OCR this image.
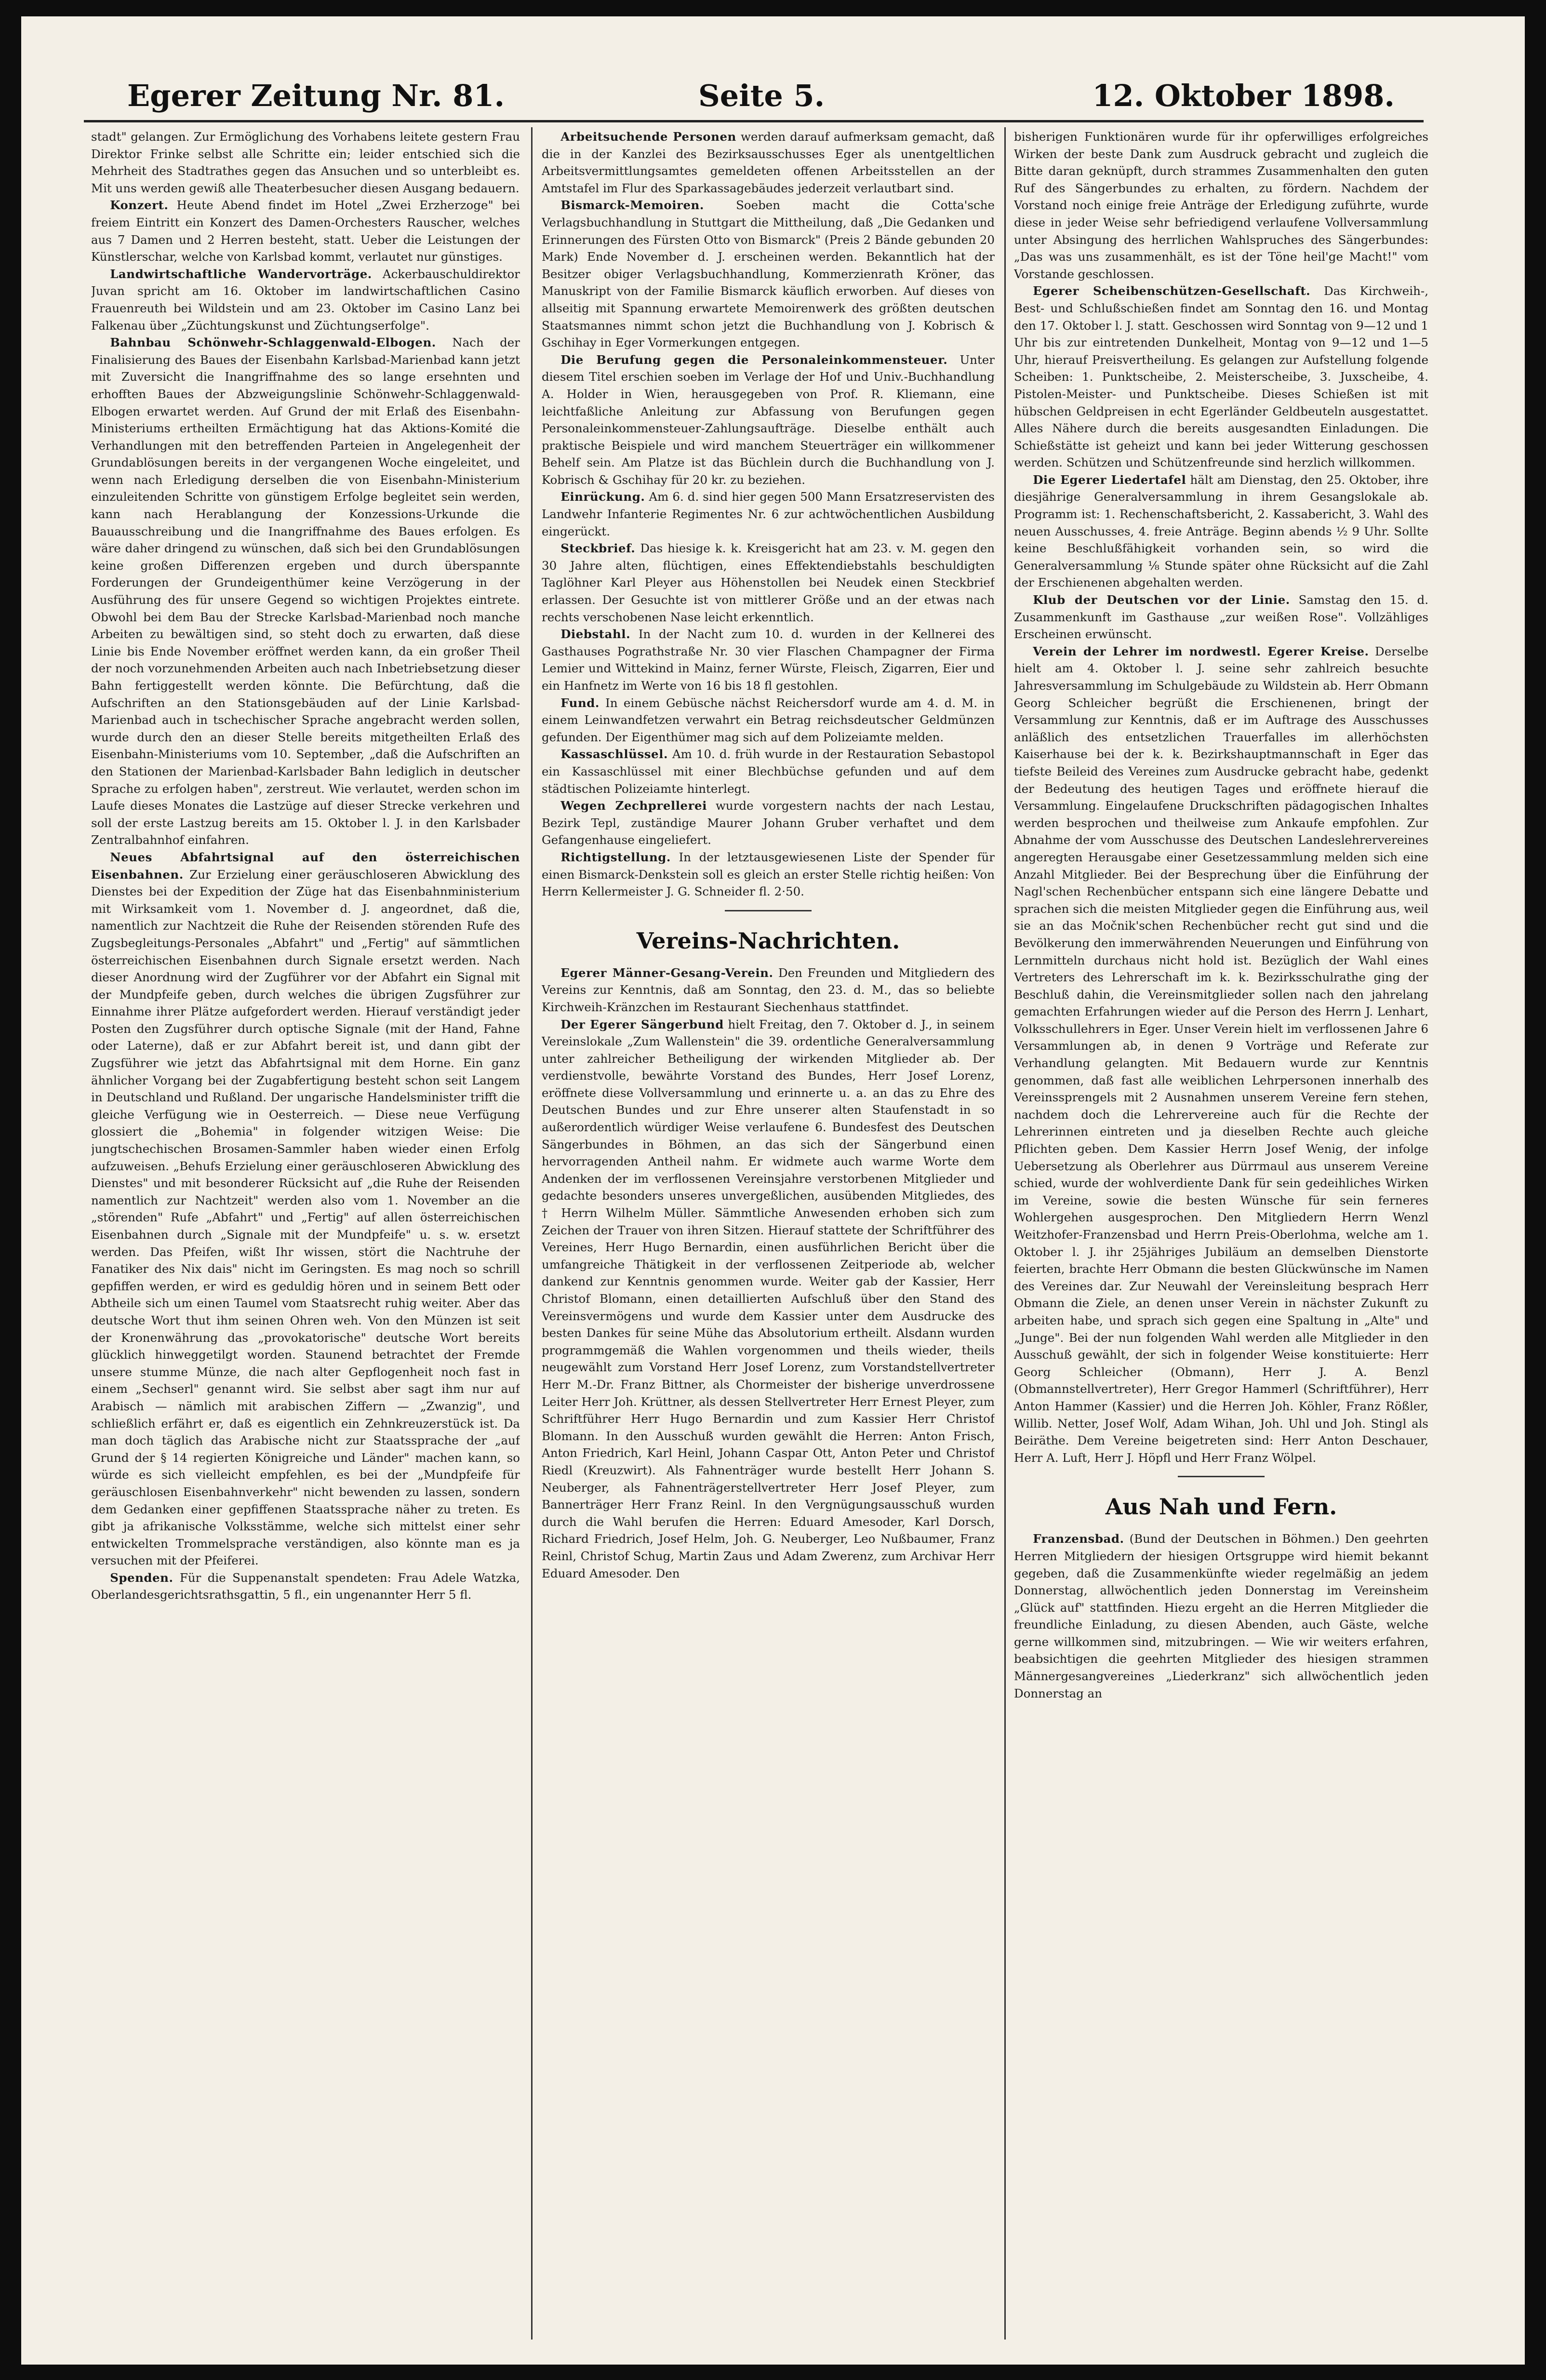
Egerer Zeitung Nr. 81.	Seite 5.	12. Oktober 1898.

stadt" gelangen. Zur Ermöglichung des Vorhabens leitete gestern Frau Direktor Frinke selbst alle Schritte ein; leider entschied sich die Mehrheit des Stadtrathes gegen das Ansuchen und so unterbleibt es. Mit uns werden gewiß alle Theaterbesucher diesen Ausgang bedauern.

Konzert. Heute Abend findet im Hotel „Zwei Erzherzoge" bei freiem Eintritt ein Konzert des Damen-Orchesters Rauscher, welches aus 7 Damen und 2 Herren besteht, statt. Ueber die Leistungen der Künstlerschar, welche von Karlsbad kommt, verlautet nur günstiges.

Landwirtschaftliche Wandervorträge. Ackerbauschuldirektor Juvan spricht am 16. Oktober im landwirtschaftlichen Casino Frauenreuth bei Wildstein und am 23. Oktober im Casino Lanz bei Falkenau über „Züchtungskunst und Züchtungserfolge".

Bahnbau Schönwehr-Schlaggenwald-Elbogen. Nach der Finalisierung des Baues der Eisenbahn Karlsbad-Marienbad kann jetzt mit Zuversicht die Inangriffnahme des so lange ersehnten und erhofften Baues der Abzweigungslinie Schönwehr-Schlaggenwald-Elbogen erwartet werden. Auf Grund der mit Erlaß des Eisenbahn-Ministeriums ertheilten Ermächtigung hat das Aktions-Komité die Verhandlungen mit den betreffenden Parteien in Angelegenheit der Grundablösungen bereits in der vergangenen Woche eingeleitet, und wenn nach Erledigung derselben die von Eisenbahn-Ministerium einzuleitenden Schritte von günstigem Erfolge begleitet sein werden, kann nach Herablangung der Konzessions-Urkunde die Bauausschreibung und die Inangriffnahme des Baues erfolgen. Es wäre daher dringend zu wünschen, daß sich bei den Grundablösungen keine großen Differenzen ergeben und durch überspannte Forderungen der Grundeigenthümer keine Verzögerung in der Ausführung des für unsere Gegend so wichtigen Projektes eintrete. Obwohl bei dem Bau der Strecke Karlsbad-Marienbad noch manche Arbeiten zu bewältigen sind, so steht doch zu erwarten, daß diese Linie bis Ende November eröffnet werden kann, da ein großer Theil der noch vorzunehmenden Arbeiten auch nach Inbetriebsetzung dieser Bahn fertiggestellt werden könnte. Die Befürchtung, daß die Aufschriften an den Stationsgebäuden auf der Linie Karlsbad-Marienbad auch in tschechischer Sprache angebracht werden sollen, wurde durch den an dieser Stelle bereits mitgetheilten Erlaß des Eisenbahn-Ministeriums vom 10. September, „daß die Aufschriften an den Stationen der Marienbad-Karlsbader Bahn lediglich in deutscher Sprache zu erfolgen haben", zerstreut. Wie verlautet, werden schon im Laufe dieses Monates die Lastzüge auf dieser Strecke verkehren und soll der erste Lastzug bereits am 15. Oktober l. J. in den Karlsbader Zentralbahnhof einfahren.

Neues Abfahrtsignal auf den österreichischen Eisenbahnen. Zur Erzielung einer geräuschloseren Abwicklung des Dienstes bei der Expedition der Züge hat das Eisenbahnministerium mit Wirksamkeit vom 1. November d. J. angeordnet, daß die, namentlich zur Nachtzeit die Ruhe der Reisenden störenden Rufe des Zugsbegleitungs-Personales „Abfahrt" und „Fertig" auf sämmtlichen österreichischen Eisenbahnen durch Signale ersetzt werden. Nach dieser Anordnung wird der Zugführer vor der Abfahrt ein Signal mit der Mundpfeife geben, durch welches die übrigen Zugsführer zur Einnahme ihrer Plätze aufgefordert werden. Hierauf verständigt jeder Posten den Zugsführer durch optische Signale (mit der Hand, Fahne oder Laterne), daß er zur Abfahrt bereit ist, und dann gibt der Zugsführer wie jetzt das Abfahrtsignal mit dem Horne. Ein ganz ähnlicher Vorgang bei der Zugabfertigung besteht schon seit Langem in Deutschland und Rußland. Der ungarische Handelsminister trifft die gleiche Verfügung wie in Oesterreich. — Diese neue Verfügung glossiert die „Bohemia" in folgender witzigen Weise: Die jungtschechischen Brosamen-Sammler haben wieder einen Erfolg aufzuweisen. „Behufs Erzielung einer geräuschloseren Abwicklung des Dienstes" und mit besonderer Rücksicht auf „die Ruhe der Reisenden namentlich zur Nachtzeit" werden also vom 1. November an die „störenden" Rufe „Abfahrt" und „Fertig" auf allen österreichischen Eisenbahnen durch „Signale mit der Mundpfeife" u. s. w. ersetzt werden. Das Pfeifen, wißt Ihr wissen, stört die Nachtruhe der Fanatiker des Nix dais" nicht im Geringsten. Es mag noch so schrill gepfiffen werden, er wird es geduldig hören und in seinem Bett oder Abtheile sich um einen Taumel vom Staatsrecht ruhig weiter. Aber das deutsche Wort thut ihm seinen Ohren weh. Von den Münzen ist seit der Kronenwährung das „provokatorische" deutsche Wort bereits glücklich hinweggetilgt worden. Staunend betrachtet der Fremde unsere stumme Münze, die nach alter Gepflogenheit noch fast in einem „Sechserl" genannt wird. Sie selbst aber sagt ihm nur auf Arabisch — nämlich mit arabischen Ziffern — „Zwanzig", und schließlich erfährt er, daß es eigentlich ein Zehnkreuzerstück ist. Da man doch täglich das Arabische nicht zur Staatssprache der „auf Grund der § 14 regierten Königreiche und Länder" machen kann, so würde es sich vielleicht empfehlen, es bei der „Mundpfeife für geräuschlosen Eisenbahnverkehr" nicht bewenden zu lassen, sondern dem Gedanken einer gepfiffenen Staatssprache näher zu treten. Es gibt ja afrikanische Volksstämme, welche sich mittelst einer sehr entwickelten Trommelsprache verständigen, also könnte man es ja versuchen mit der Pfeiferei.

Spenden. Für die Suppenanstalt spendeten: Frau Adele Watzka, Oberlandesgerichtsrathsgattin, 5 fl., ein ungenannter Herr 5 fl.

Arbeitsuchende Personen werden darauf aufmerksam gemacht, daß die in der Kanzlei des Bezirksausschusses Eger als unentgeltlichen Arbeitsvermittlungsamtes gemeldeten offenen Arbeitsstellen an der Amtstafel im Flur des Sparkassagebäudes jederzeit verlautbart sind.

Bismarck-Memoiren.	Soeben macht die Cotta'sche Verlagsbuchhandlung in Stuttgart die Mittheilung, daß „Die Gedanken und Erinnerungen des Fürsten Otto von Bismarck" (Preis 2 Bände gebunden 20 Mark) Ende November d. J. erscheinen werden. Bekanntlich hat der Besitzer obiger Verlagsbuchhandlung, Kommerzienrath Kröner, das Manuskript von der Familie Bismarck käuflich erworben. Auf dieses von allseitig mit Spannung erwartete Memoirenwerk des größten deutschen Staatsmannes nimmt schon jetzt die Buchhandlung von J. Kobrisch & Gschihay in Eger Vormerkungen entgegen.

Die Berufung gegen die Personaleinkommensteuer. Unter diesem Titel erschien soeben im Verlage der Hof und Univ.-Buchhandlung A. Holder in Wien, herausgegeben von Prof. R. Kliemann, eine leichtfaßliche Anleitung zur Abfassung von Berufungen gegen Personaleinkommensteuer-Zahlungsaufträge. Dieselbe enthält auch praktische Beispiele und wird manchem Steuerträger ein willkommener Behelf sein. Am Platze ist das Büchlein durch die Buchhandlung von J. Kobrisch & Gschihay für 20 kr. zu beziehen.

Einrückung. Am 6. d. sind hier gegen 500 Mann Ersatzreservisten des Landwehr Infanterie Regimentes Nr. 6 zur achtwöchentlichen Ausbildung eingerückt.

Steckbrief. Das hiesige k. k. Kreisgericht hat am 23. v. M. gegen den 30 Jahre alten, flüchtigen, eines Effektendiebstahls beschuldigten Taglöhner Karl Pleyer aus Höhenstollen bei Neudek einen Steckbrief erlassen. Der Gesuchte ist von mittlerer Größe und an der etwas nach rechts verschobenen Nase leicht erkenntlich.

Diebstahl. In der Nacht zum 10. d. wurden in der Kellnerei des Gasthauses Pograthstraße Nr. 30 vier Flaschen Champagner der Firma Lemier und Wittekind in Mainz, ferner Würste, Fleisch, Zigarren, Eier und ein Hanfnetz im Werte von 16 bis 18 fl gestohlen.

Fund. In einem Gebüsche nächst Reichersdorf wurde am 4. d. M. in einem Leinwandfetzen verwahrt ein Betrag reichsdeutscher Geldmünzen gefunden. Der Eigenthümer mag sich auf dem Polizeiamte melden.

Kassaschlüssel. Am 10. d. früh wurde in der Restauration Sebastopol ein Kassaschlüssel mit einer Blechbüchse gefunden und auf dem städtischen Polizeiamte hinterlegt.

Wegen Zechprellerei wurde vorgestern nachts der nach Lestau, Bezirk Tepl, zuständige Maurer Johann Gruber verhaftet und dem Gefangenhause eingeliefert.

Richtigstellung. In der letztausgewiesenen Liste der Spender für einen Bismarck-Denkstein soll es gleich an erster Stelle richtig heißen: Von Herrn Kellermeister J. G. Schneider fl. 2·50.

Vereins-Nachrichten.

Egerer Männer-Gesang-Verein. Den Freunden und Mitgliedern des Vereins zur Kenntnis, daß am Sonntag, den 23. d. M., das so beliebte Kirchweih-Kränzchen im Restaurant Siechenhaus stattfindet.

Der Egerer Sängerbund hielt Freitag, den 7. Oktober d. J., in seinem Vereinslokale „Zum Wallenstein" die 39. ordentliche Generalversammlung unter zahlreicher Betheiligung der wirkenden Mitglieder ab. Der verdienstvolle, bewährte Vorstand des Bundes, Herr Josef Lorenz, eröffnete diese Vollversammlung und erinnerte u. a. an das zu Ehre des Deutschen Bundes und zur Ehre unserer alten Staufenstadt in so außerordentlich würdiger Weise verlaufene 6. Bundesfest des Deutschen Sängerbundes in Böhmen, an das sich der Sängerbund einen hervorragenden Antheil nahm. Er widmete auch warme Worte dem Andenken der im verflossenen Vereinsjahre verstorbenen Mitglieder und gedachte besonders unseres unvergeßlichen, ausübenden Mitgliedes, des † Herrn Wilhelm Müller. Sämmtliche Anwesenden erhoben sich zum Zeichen der Trauer von ihren Sitzen. Hierauf stattete der Schriftführer des Vereines, Herr Hugo Bernardin, einen ausführlichen Bericht über die umfangreiche Thätigkeit in der verflossenen Zeitperiode ab, welcher dankend zur Kenntnis genommen wurde. Weiter gab der Kassier, Herr Christof Blomann, einen detaillierten Aufschluß über den Stand des Vereinsvermögens und wurde dem Kassier unter dem Ausdrucke des besten Dankes für seine Mühe das Absolutorium ertheilt. Alsdann wurden programmgemäß die Wahlen vorgenommen und theils wieder, theils neugewählt zum Vorstand Herr Josef Lorenz, zum Vorstandstellvertreter Herr M.-Dr. Franz Bittner, als Chormeister der bisherige unverdrossene Leiter Herr Joh. Krüttner, als dessen Stellvertreter Herr Ernest Pleyer, zum Schriftführer Herr Hugo Bernardin und zum Kassier Herr Christof Blomann. In den Ausschuß wurden gewählt die Herren: Anton Frisch, Anton Friedrich, Karl Heinl, Johann Caspar Ott, Anton Peter und Christof Riedl (Kreuzwirt). Als Fahnenträger wurde bestellt Herr Johann S. Neuberger, als Fahnenträgerstellvertreter Herr Josef Pleyer, zum Bannerträger Herr Franz Reinl. In den Vergnügungsausschuß wurden durch die Wahl berufen die Herren: Eduard Amesoder, Karl Dorsch, Richard Friedrich, Josef Helm, Joh. G. Neuberger, Leo Nußbaumer, Franz Reinl, Christof Schug, Martin Zaus und Adam Zwerenz, zum Archivar Herr Eduard Amesoder. Den

bisherigen Funktionären wurde für ihr opferwilliges erfolgreiches Wirken der beste Dank zum Ausdruck gebracht und zugleich die Bitte daran geknüpft, durch strammes Zusammenhalten den guten Ruf des Sängerbundes zu erhalten, zu fördern. Nachdem der Vorstand noch einige freie Anträge der Erledigung zuführte, wurde diese in jeder Weise sehr befriedigend verlaufene Vollversammlung unter Absingung des herrlichen Wahlspruches des Sängerbundes: „Das was uns zusammenhält, es ist der Töne heil'ge Macht!" vom Vorstande geschlossen.

Egerer Scheibenschützen-Gesellschaft. Das Kirchweih-, Best- und Schlußschießen findet am Sonntag den 16. und Montag den 17. Oktober l. J. statt. Geschossen wird Sonntag von 9—12 und 1 Uhr bis zur eintretenden Dunkelheit, Montag von 9—12 und 1—5 Uhr, hierauf Preisvertheilung. Es gelangen zur Aufstellung folgende Scheiben: 1. Punktscheibe, 2. Meisterscheibe, 3. Juxscheibe, 4. Pistolen-Meister- und Punktscheibe. Dieses Schießen ist mit hübschen Geldpreisen in echt Egerländer Geldbeuteln ausgestattet. Alles Nähere durch die bereits ausgesandten Einladungen. Die Schießstätte ist geheizt und kann bei jeder Witterung geschossen werden. Schützen und Schützenfreunde sind herzlich willkommen.

Die Egerer Liedertafel hält am Dienstag, den 25. Oktober, ihre diesjährige Generalversammlung in ihrem Gesangslokale ab. Programm ist: 1. Rechenschaftsbericht, 2. Kassabericht, 3. Wahl des neuen Ausschusses, 4. freie Anträge. Beginn abends ½ 9 Uhr. Sollte keine Beschlußfähigkeit vorhanden sein, so wird die Generalversammlung ⅛ Stunde später ohne Rücksicht auf die Zahl der Erschienenen abgehalten werden.

Klub der Deutschen vor der Linie. Samstag den 15. d. Zusammenkunft im Gasthause „zur weißen Rose". Vollzähliges Erscheinen erwünscht.

Verein der Lehrer im nordwestl. Egerer Kreise. Derselbe hielt am 4. Oktober l. J. seine sehr zahlreich besuchte Jahresversammlung im Schulgebäude zu Wildstein ab. Herr Obmann Georg Schleicher begrüßt die Erschienenen, bringt der Versammlung zur Kenntnis, daß er im Auftrage des Ausschusses anläßlich des entsetzlichen Trauerfalles im allerhöchsten Kaiserhause bei der k. k. Bezirkshauptmannschaft in Eger das tiefste Beileid des Vereines zum Ausdrucke gebracht habe, gedenkt der Bedeutung des heutigen Tages und eröffnete hierauf die Versammlung. Eingelaufene Druckschriften pädagogischen Inhaltes werden besprochen und theilweise zum Ankaufe empfohlen. Zur Abnahme der vom Ausschusse des Deutschen Landeslehrervereines angeregten Herausgabe einer Gesetzessammlung melden sich eine Anzahl Mitglieder. Bei der Besprechung über die Einführung der Nagl'schen Rechenbücher entspann sich eine längere Debatte und sprachen sich die meisten Mitglieder gegen die Einführung aus, weil sie an das Močnik'schen Rechenbücher recht gut sind und die Bevölkerung den immerwährenden Neuerungen und Einführung von Lernmitteln durchaus nicht hold ist. Bezüglich der Wahl eines Vertreters des Lehrerschaft im k. k. Bezirksschulrathe ging der Beschluß dahin, die Vereinsmitglieder sollen nach den jahrelang gemachten Erfahrungen wieder auf die Person des Herrn J. Lenhart, Volksschullehrers in Eger. Unser Verein hielt im verflossenen Jahre 6 Versammlungen ab, in denen 9 Vorträge und Referate zur Verhandlung gelangten. Mit Bedauern wurde zur Kenntnis genommen, daß fast alle weiblichen Lehrpersonen innerhalb des Vereinssprengels mit 2 Ausnahmen unserem Vereine fern stehen, nachdem doch die Lehrervereine auch für die Rechte der Lehrerinnen eintreten und ja dieselben Rechte auch gleiche Pflichten geben. Dem Kassier Herrn Josef Wenig, der infolge Uebersetzung als Oberlehrer aus Dürrmaul aus unserem Vereine schied, wurde der wohlverdiente Dank für sein gedeihliches Wirken im Vereine, sowie die besten Wünsche für sein ferneres Wohlergehen ausgesprochen. Den Mitgliedern Herrn Wenzl Weitzhofer-Franzensbad und Herrn Preis-Oberlohma, welche am 1. Oktober l. J. ihr 25jähriges Jubiläum an demselben Dienstorte feierten, brachte Herr Obmann die besten Glückwünsche im Namen des Vereines dar. Zur Neuwahl der Vereinsleitung besprach Herr Obmann die Ziele, an denen unser Verein in nächster Zukunft zu arbeiten habe, und sprach sich gegen eine Spaltung in „Alte" und „Junge". Bei der nun folgenden Wahl werden alle Mitglieder in den Ausschuß gewählt, der sich in folgender Weise konstituierte: Herr Georg Schleicher (Obmann), Herr J. A. Benzl (Obmannstellvertreter), Herr Gregor Hammerl (Schriftführer), Herr Anton Hammer (Kassier) und die Herren Joh. Köhler, Franz Rößler, Willib. Netter, Josef Wolf, Adam Wihan, Joh. Uhl und Joh. Stingl als Beiräthe. Dem Vereine beigetreten sind: Herr Anton Deschauer, Herr A. Luft, Herr J. Höpfl und Herr Franz Wölpel.

Aus Nah und Fern.

Franzensbad. (Bund der Deutschen in Böhmen.) Den geehrten Herren Mitgliedern der hiesigen Ortsgruppe wird hiemit bekannt gegeben, daß die Zusammenkünfte wieder regelmäßig an jedem Donnerstag, allwöchentlich jeden Donnerstag im Vereinsheim „Glück auf" stattfinden. Hiezu ergeht an die Herren Mitglieder die freundliche Einladung, zu diesen Abenden, auch Gäste, welche gerne willkommen sind, mitzubringen. — Wie wir weiters erfahren, beabsichtigen die geehrten Mitglieder des hiesigen strammen Männergesangvereines „Liederkranz" sich allwöchentlich jeden Donnerstag an
